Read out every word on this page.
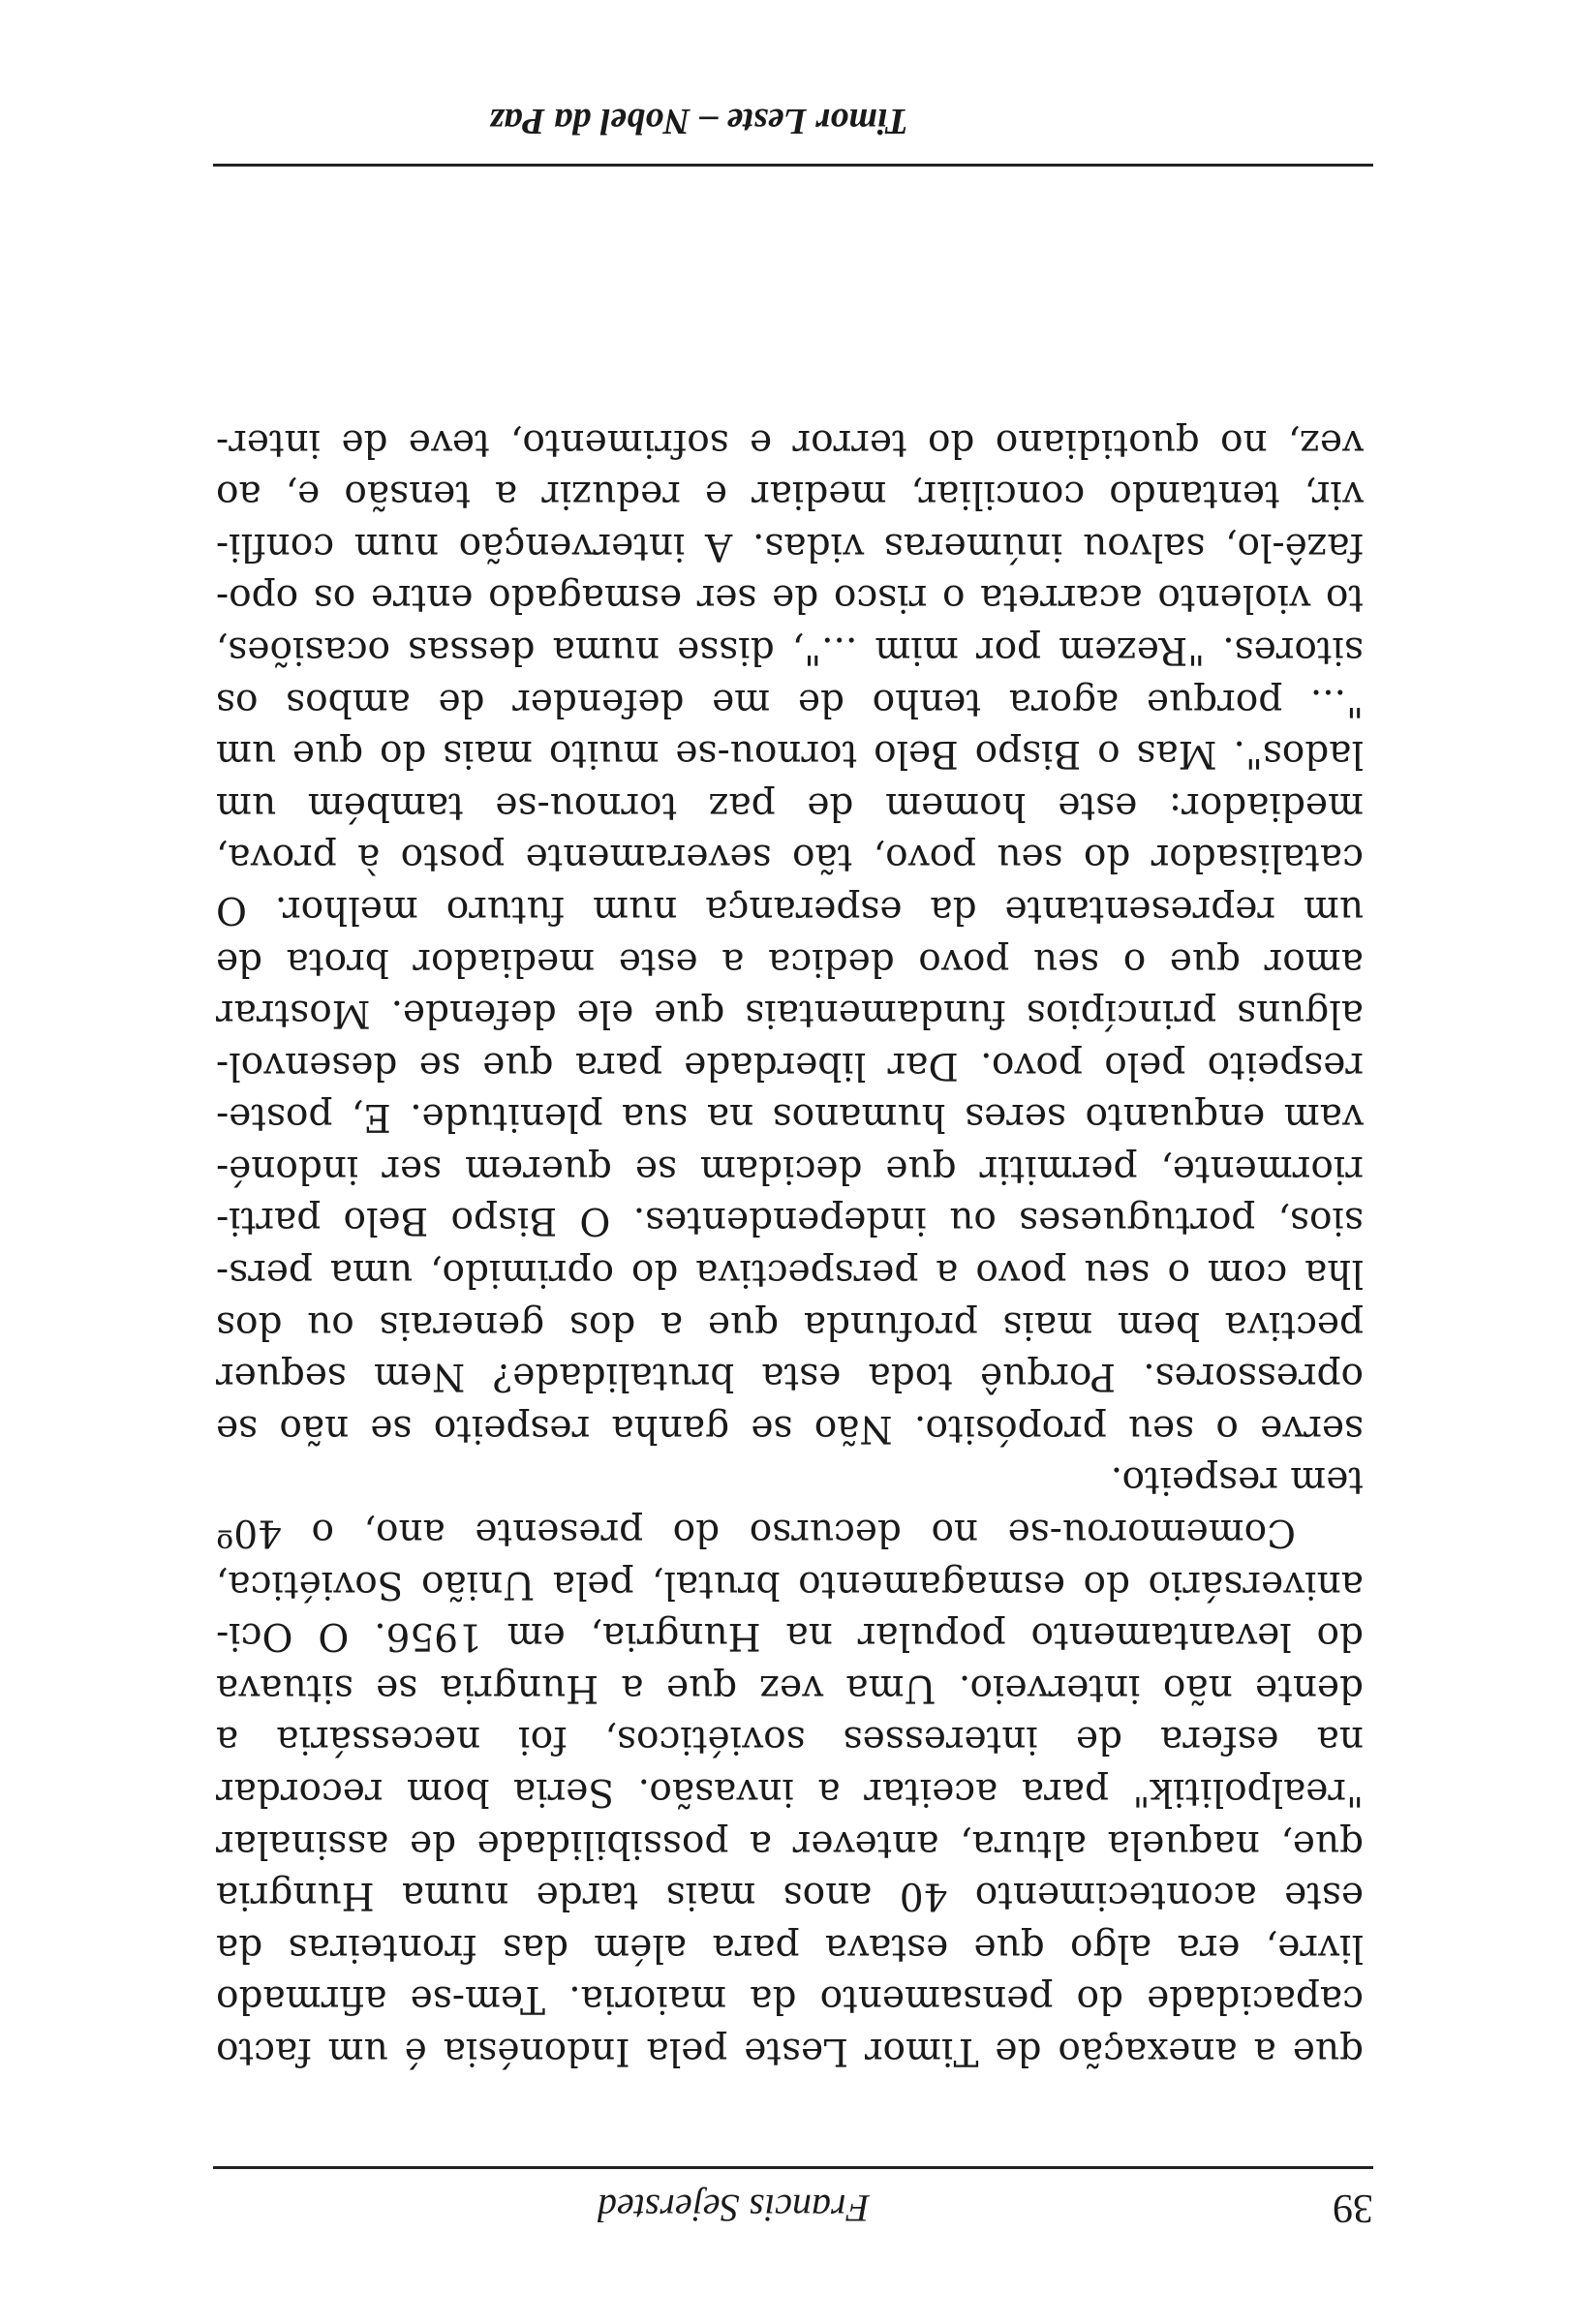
Timor Leste – Nobel da Paz
39
Francis Sejersted
que a anexação de Timor Leste pela Indonésia é um facto
capacidade do pensamento da maioria. Tem-se afirmado
livre, era algo que estava para além das fronteiras da
este acontecimento 40 anos mais tarde numa Hungria
que, naquela altura, antever a possibilidade de assinalar
"realpolitik" para aceitar a invasão. Seria bom recordar
na esfera de interesses soviéticos, foi necessária a
dente não interveio. Uma vez que a Hungria se situava
do levantamento popular na Hungria, em 1956. O Oci-
aniversário do esmagamento brutal, pela União Soviética,
Comemorou-se no decurso do presente ano, o 40º
tem respeito.
serve o seu propósito. Não se ganha respeito se não se
opressores. Porquê toda esta brutalidade? Nem sequer
pectiva bem mais profunda que a dos generais ou dos
lha com o seu povo a perspectiva do oprimido, uma pers-
sios, portugueses ou independentes. O Bispo Belo parti-
riormente, permitir que decidam se querem ser indoné-
vam enquanto seres humanos na sua plenitude. E, poste-
respeito pelo povo. Dar liberdade para que se desenvol-
alguns princípios fundamentais que ele defende. Mostrar
amor que o seu povo dedica a este mediador brota de
um representante da esperança num futuro melhor. O
catalisador do seu povo, tão severamente posto à prova,
mediador: este homem de paz tornou-se também um
lados". Mas o Bispo Belo tornou-se muito mais do que um
"... porque agora tenho de me defender de ambos os
sitores. "Rezem por mim ...", disse numa dessas ocasiões,
to violento acarreta o risco de ser esmagado entre os opo-
fazê-lo, salvou inúmeras vidas. A intervenção num confli-
vir, tentando conciliar, mediar e reduzir a tensão e, ao
vez, no quotidiano do terror e sofrimento, teve de inter-
